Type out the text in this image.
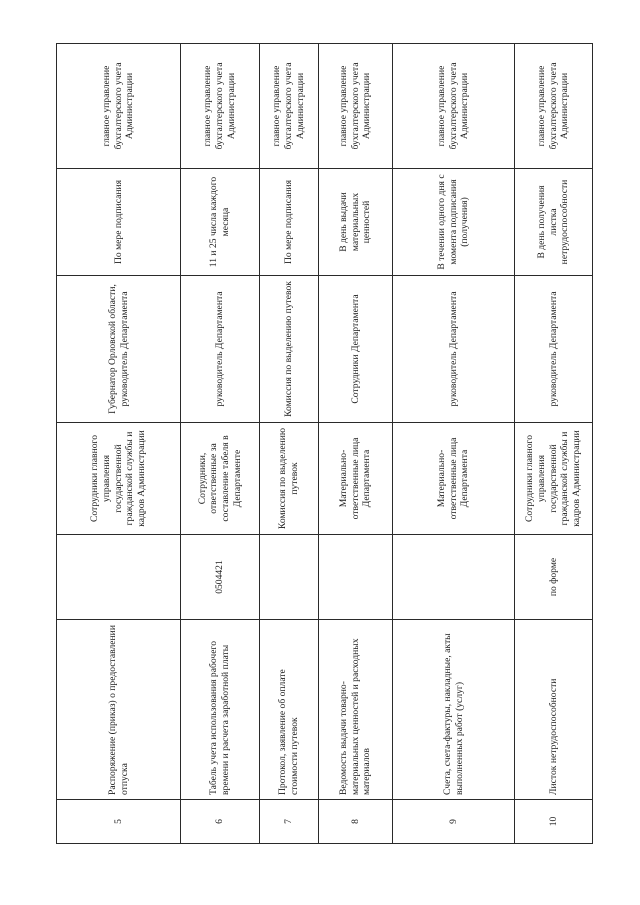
5	Распоряжение (приказ) о предоставлении отпуска		Сотрудники главного управления государственной гражданской службы и кадров Администрации	Губернатор Орловской области, руководитель Департамента	По мере подписания	главное управление бухгалтерского учета Администрации
6	Табель учета использования рабочего времени и расчета заработной платы	0504421	Сотрудники, ответственные за составление табеля в Департаменте	руководитель Департамента	11 и 25 числа каждого месяца	главное управление бухгалтерского учета Администрации
7	Протокол, заявление об оплате стоимости путевок		Комиссия по выделению путевок	Комиссия по выделению путевок	По мере подписания	главное управление бухгалтерского учета Администрации
8	Ведомость выдачи товарно-материальных ценностей и расходных материалов		Материально-ответственные лица Департамента	Сотрудники Департамента	В день выдачи материальных ценностей	главное управление бухгалтерского учета Администрации
9	Счета, счета-фактуры, накладные, акты выполненных работ (услуг)		Материально-ответственные лица Департамента	руководитель Департамента	В течении одного дня с момента подписания (получения)	главное управление бухгалтерского учета Администрации
10	Листок нетрудоспособности	по форме	Сотрудники главного управления государственной гражданской службы и кадров Администрации	руководитель Департамента	В день получения листка нетрудоспособности	главное управление бухгалтерского учета Администрации
